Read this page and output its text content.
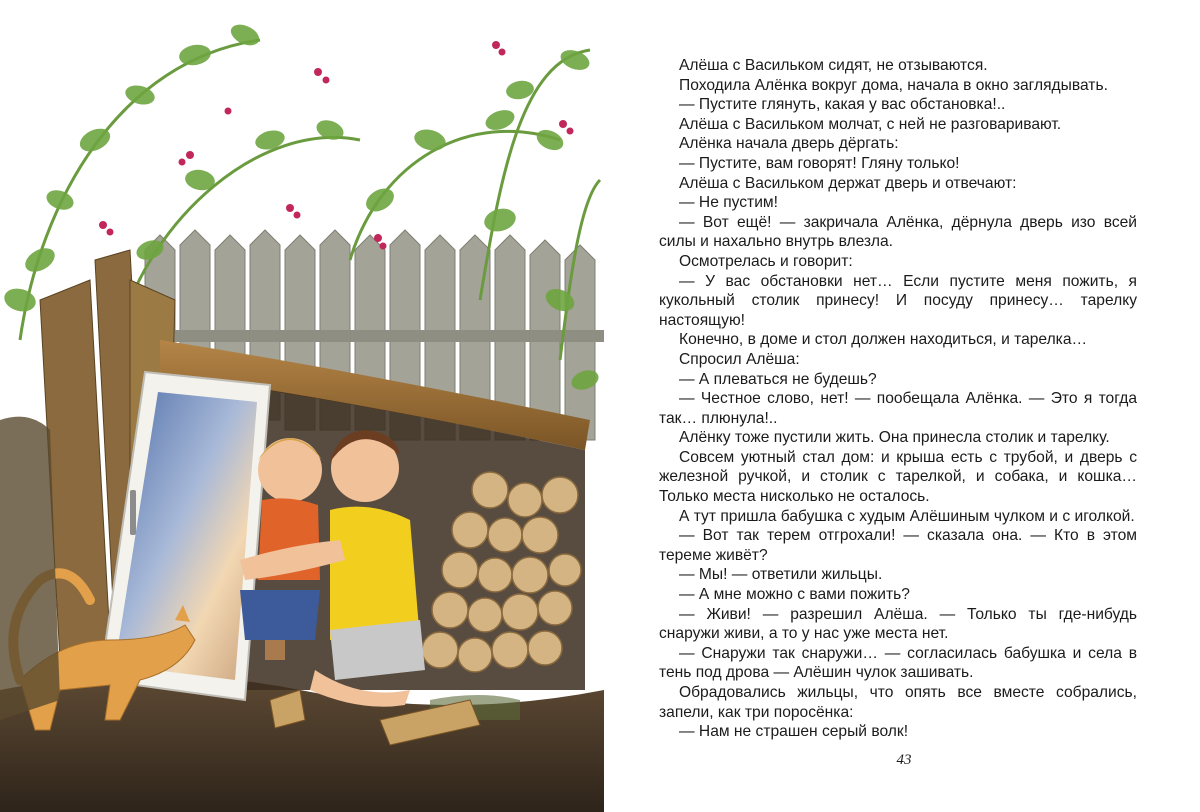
Алёша с Васильком сидят, не отзываются.

Походила Алёнка вокруг дома, начала в окно заглядывать.

— Пустите глянуть, какая у вас обстановка!..

Алёша с Васильком молчат, с ней не разговаривают.

Алёнка начала дверь дёргать:

— Пустите, вам говорят! Гляну только!

Алёша с Васильком держат дверь и отвечают:

— Не пустим!

— Вот ещё! — закричала Алёнка, дёрнула дверь изо всей силы и нахально внутрь влезла.

Осмотрелась и говорит:

— У вас обстановки нет… Если пустите меня пожить, я кукольный столик принесу! И посуду принесу… тарелку настоящую!

Конечно, в доме и стол должен находиться, и тарелка…

Спросил Алёша:

— А плеваться не будешь?

— Честное слово, нет! — пообещала Алёнка. — Это я тогда так… плюнула!..

Алёнку тоже пустили жить. Она принесла столик и тарелку.

Совсем уютный стал дом: и крыша есть с трубой, и дверь с железной ручкой, и столик с тарелкой, и собака, и кошка… Только места нисколько не осталось.

А тут пришла бабушка с худым Алёшиным чулком и с иголкой.

— Вот так терем отгрохали! — сказала она. — Кто в этом тереме живёт?

— Мы! — ответили жильцы.

— А мне можно с вами пожить?

— Живи! — разрешил Алёша. — Только ты где-нибудь снаружи живи, а то у нас уже места нет.

— Снаружи так снаружи… — согласилась бабушка и села в тень под дрова — Алёшин чулок зашивать.

Обрадовались жильцы, что опять все вместе собрались, запели, как три поросёнка:

— Нам не страшен серый волк!

43
